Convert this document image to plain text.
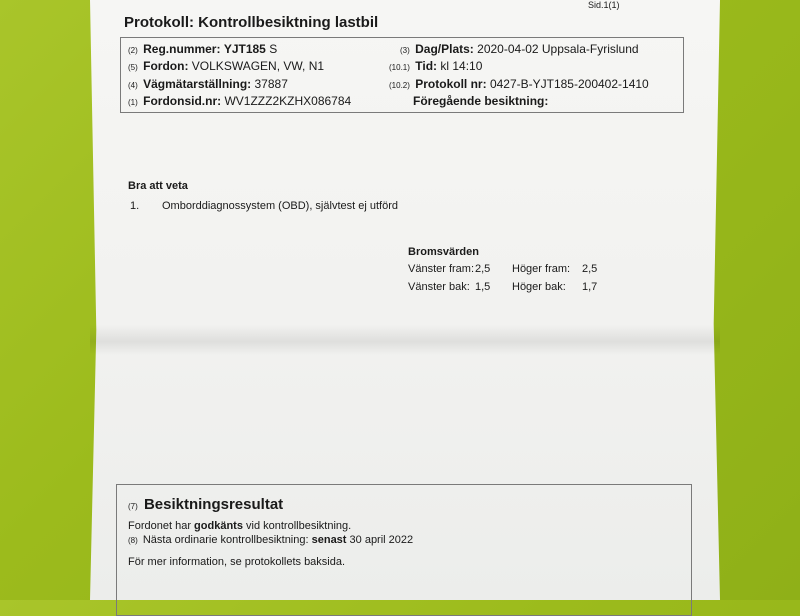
Sid.1(1)
Protokoll: Kontrollbesiktning lastbil
(2) Reg.nummer: YJT185 S
(5) Fordon: VOLKSWAGEN, VW, N1
(4) Vägmätarställning: 37887
(1) Fordonsid.nr: WV1ZZZ2KZHX086784
(3) Dag/Plats: 2020-04-02 Uppsala-Fyrislund
(10.1) Tid: kl 14:10
(10.2) Protokoll nr: 0427-B-YJT185-200402-1410
Föregående besiktning:
Bra att veta
1. Omborddiagnossystem (OBD), självtest ej utförd
Bromsvärden
Vänster fram: 2,5 Höger fram: 2,5
Vänster bak: 1,5 Höger bak: 1,7
(7) Besiktningsresultat
Fordonet har godkänts vid kontrollbesiktning.
(8) Nästa ordinarie kontrollbesiktning: senast 30 april 2022
För mer information, se protokollets baksida.
